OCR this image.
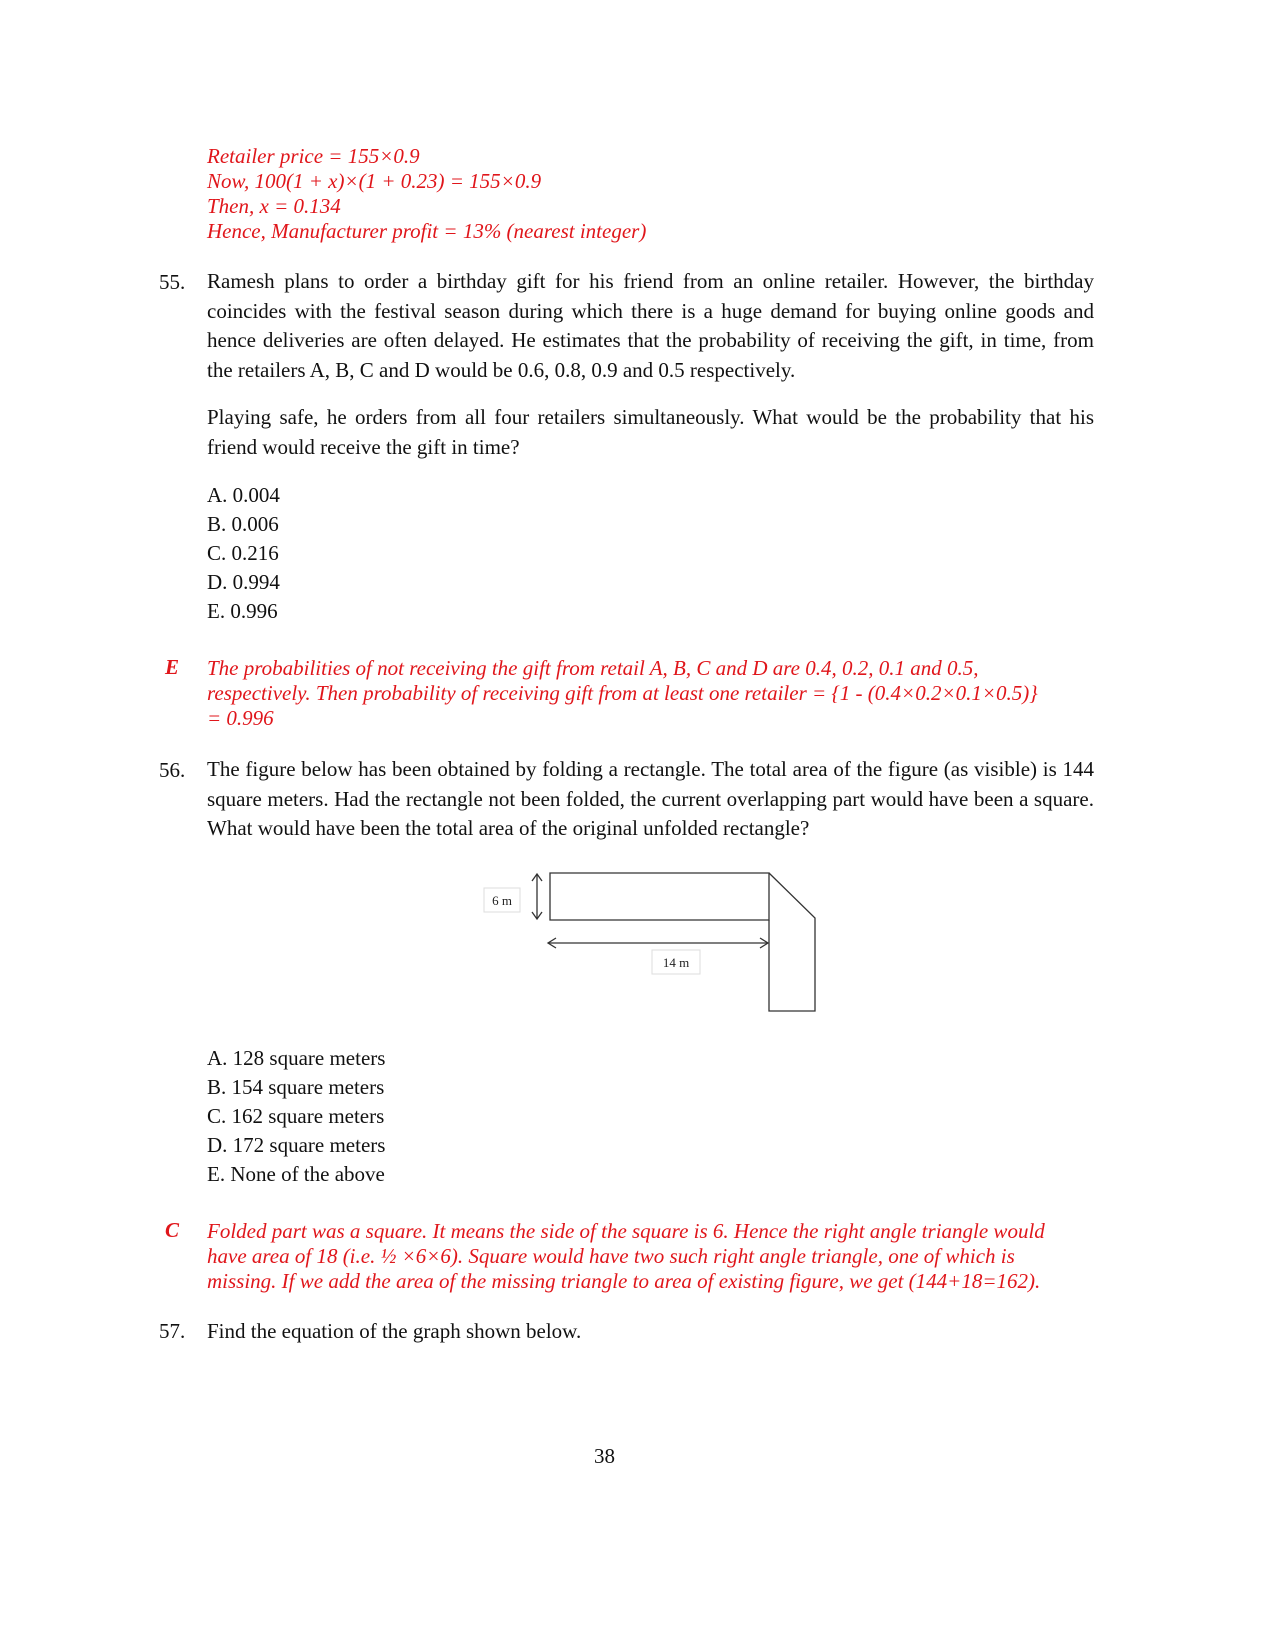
Retailer price = 155×0.9
Now, 100(1 + x)×(1 + 0.23) = 155×0.9
Then, x = 0.134
Hence, Manufacturer profit = 13% (nearest integer)
55. Ramesh plans to order a birthday gift for his friend from an online retailer. However, the birthday coincides with the festival season during which there is a huge demand for buying online goods and hence deliveries are often delayed. He estimates that the probability of receiving the gift, in time, from the retailers A, B, C and D would be 0.6, 0.8, 0.9 and 0.5 respectively.
Playing safe, he orders from all four retailers simultaneously. What would be the probability that his friend would receive the gift in time?
A. 0.004
B. 0.006
C. 0.216
D. 0.994
E. 0.996
E The probabilities of not receiving the gift from retail A, B, C and D are 0.4, 0.2, 0.1 and 0.5,
respectively. Then probability of receiving gift from at least one retailer = {1 - (0.4×0.2×0.1×0.5)}
= 0.996
56. The figure below has been obtained by folding a rectangle. The total area of the figure (as visible) is 144 square meters. Had the rectangle not been folded, the current overlapping part would have been a square. What would have been the total area of the original unfolded rectangle?
6 m
14 m
A. 128 square meters
B. 154 square meters
C. 162 square meters
D. 172 square meters
E. None of the above
C Folded part was a square. It means the side of the square is 6. Hence the right angle triangle would
have area of 18 (i.e. ½ ×6×6). Square would have two such right angle triangle, one of which is
missing. If we add the area of the missing triangle to area of existing figure, we get (144+18=162).
57. Find the equation of the graph shown below.
38
